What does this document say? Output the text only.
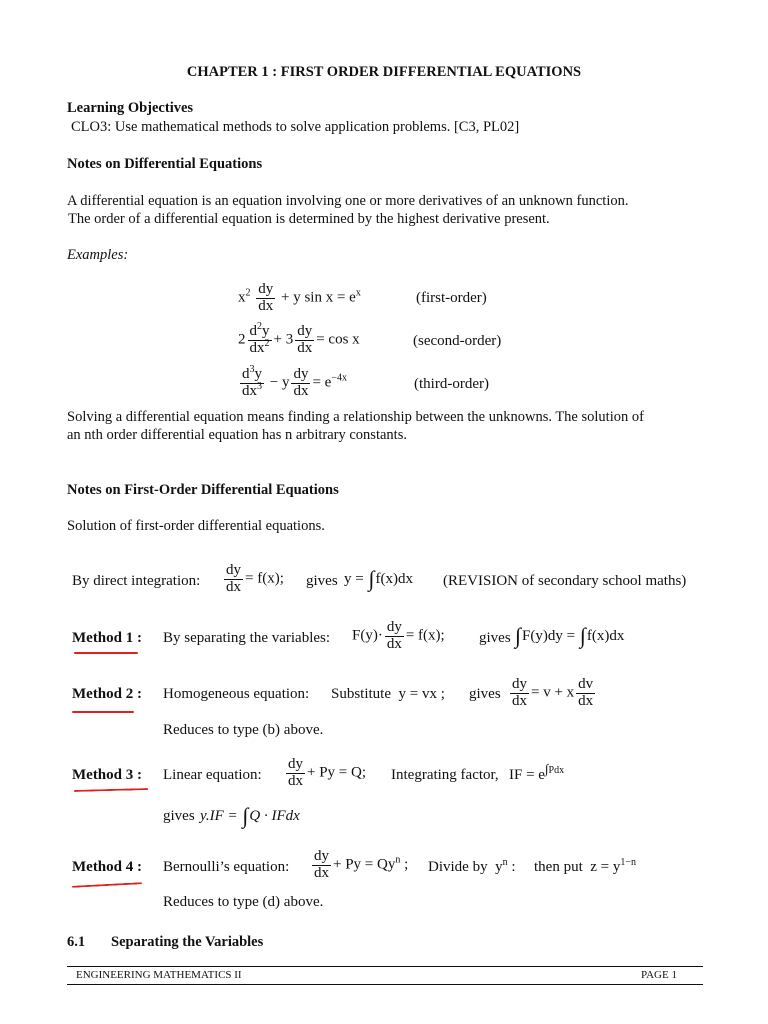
CHAPTER 1 : FIRST ORDER DIFFERENTIAL EQUATIONS
Learning Objectives
CLO3: Use mathematical methods to solve application problems. [C3, PL02]
Notes on Differential Equations
A differential equation is an equation involving one or more derivatives of an unknown function.
The order of a differential equation is determined by the highest derivative present.
Examples:
$x^2 \frac{dy}{dx} + y$ $\sin x = e^x$	(first-order)
$2 \frac{d^2y}{dx^2} + 3 \frac{dy}{dx} = \cos x$	(second-order)
$\frac{d^3y}{dx^3} - y \frac{dy}{dx} = e^{-4x}$	(third-order)
Solving a differential equation means finding a relationship between the unknowns. The solution of
an nth order differential equation has n arbitrary constants.
Notes on First-Order Differential Equations
Solution of first-order differential equations.
By direct integration: $\frac{dy}{dx} = f(x)$; gives y = ∫f(x)dx (REVISION of secondary school maths)
Method 1 : By separating the variables: $F(y)\cdot \frac{dy}{dx} = f(x)$; gives ∫F(y)dy = ∫f(x)dx
Method 2 : Homogeneous equation: Substitute  y = vx ; gives $\frac{dy}{dx} = v + x \frac{dv}{dx}$
Reduces to type (b) above.
Method 3 : Linear equation: $\frac{dy}{dx} + Py = Q$; Integrating factor, IF = $e^{\int Pdx}$
gives y.IF = ∫Q · IFdx
Method 4 : Bernoulli’s equation: $\frac{dy}{dx} + Py = Qy^n$ ; Divide by  $y^n$ : then put  $z = y^{1-n}$
Reduces to type (d) above.
6.1 Separating the Variables
ENGINEERING MATHEMATICS II	PAGE 1
